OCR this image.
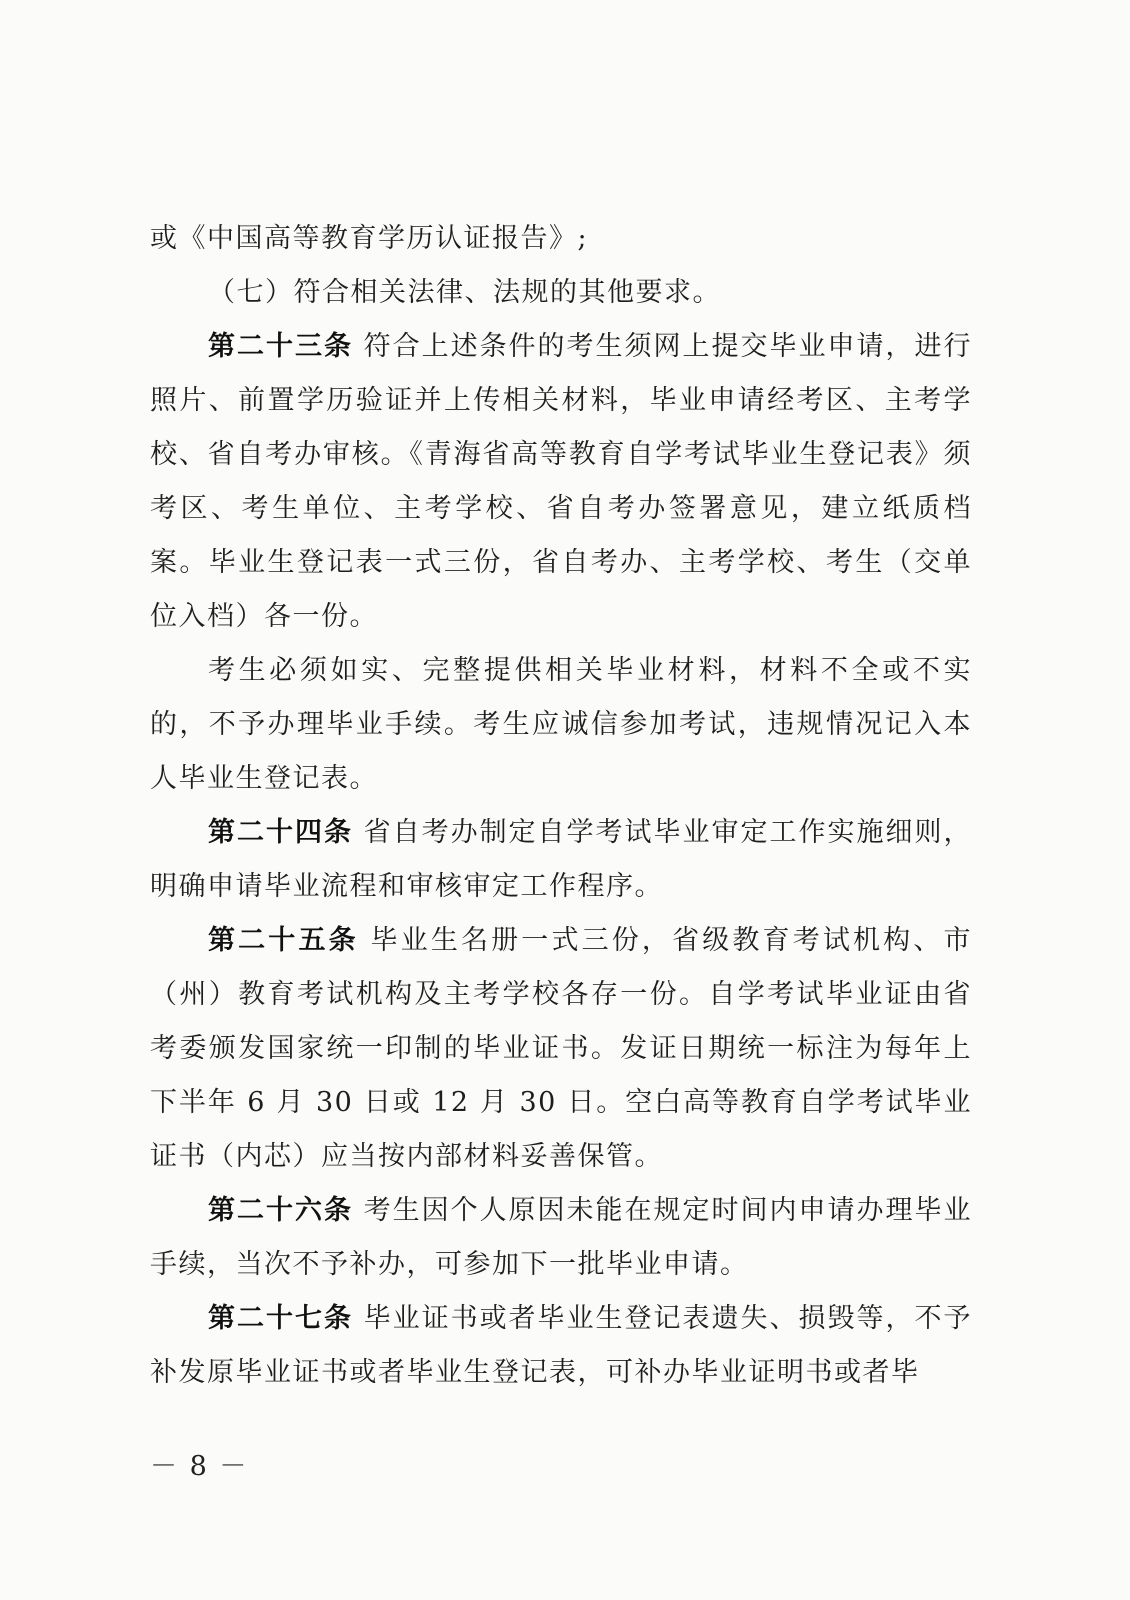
或《中国高等教育学历认证报告》;

（七）符合相关法律、法规的其他要求。

第二十三条 符合上述条件的考生须网上提交毕业申请，进行照片、前置学历验证并上传相关材料，毕业申请经考区、主考学校、省自考办审核。《青海省高等教育自学考试毕业生登记表》须考区、考生单位、主考学校、省自考办签署意见，建立纸质档案。毕业生登记表一式三份，省自考办、主考学校、考生（交单位入档）各一份。

考生必须如实、完整提供相关毕业材料，材料不全或不实的，不予办理毕业手续。考生应诚信参加考试，违规情况记入本人毕业生登记表。

第二十四条 省自考办制定自学考试毕业审定工作实施细则，明确申请毕业流程和审核审定工作程序。

第二十五条 毕业生名册一式三份，省级教育考试机构、市（州）教育考试机构及主考学校各存一份。自学考试毕业证由省考委颁发国家统一印制的毕业证书。发证日期统一标注为每年上下半年 6 月 30 日或 12 月 30 日。空白高等教育自学考试毕业证书（内芯）应当按内部材料妥善保管。

第二十六条 考生因个人原因未能在规定时间内申请办理毕业手续，当次不予补办，可参加下一批毕业申请。

第二十七条 毕业证书或者毕业生登记表遗失、损毁等，不予补发原毕业证书或者毕业生登记表，可补办毕业证明书或者毕

－ 8 －
